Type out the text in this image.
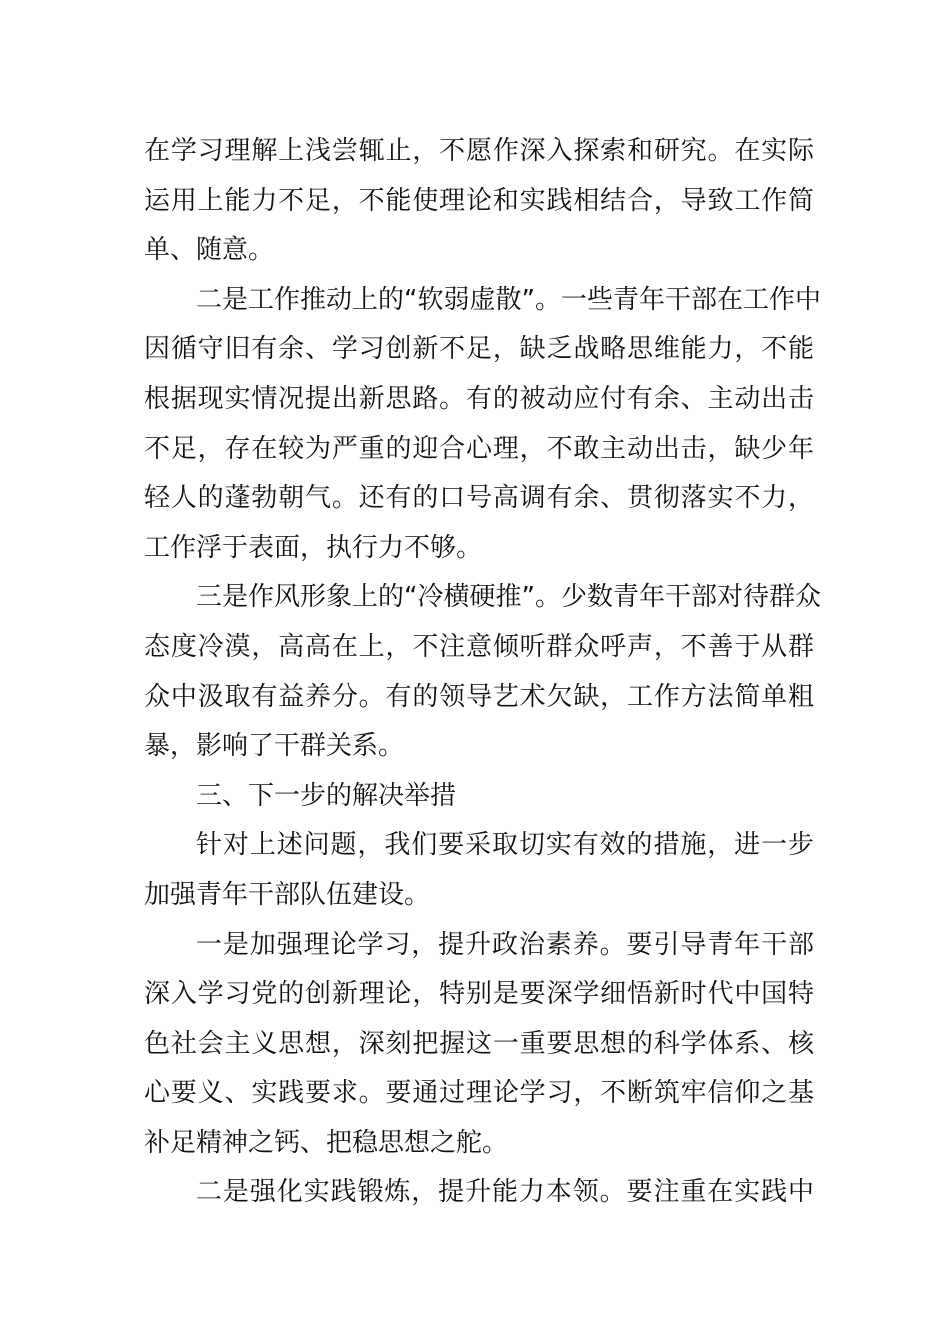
在学习理解上浅尝辄止，不愿作深入探索和研究。在实际
运用上能力不足，不能使理论和实践相结合，导致工作简
单、随意。
二是工作推动上的“软弱虚散”。一些青年干部在工作中
因循守旧有余、学习创新不足，缺乏战略思维能力，不能
根据现实情况提出新思路。有的被动应付有余、主动出击
不足，存在较为严重的迎合心理，不敢主动出击，缺少年
轻人的蓬勃朝气。还有的口号高调有余、贯彻落实不力，
工作浮于表面，执行力不够。
三是作风形象上的“冷横硬推”。少数青年干部对待群众
态度冷漠，高高在上，不注意倾听群众呼声，不善于从群
众中汲取有益养分。有的领导艺术欠缺，工作方法简单粗
暴，影响了干群关系。
三、下一步的解决举措
针对上述问题，我们要采取切实有效的措施，进一步
加强青年干部队伍建设。
一是加强理论学习，提升政治素养。要引导青年干部
深入学习党的创新理论，特别是要深学细悟新时代中国特
色社会主义思想，深刻把握这一重要思想的科学体系、核
心要义、实践要求。要通过理论学习，不断筑牢信仰之基
补足精神之钙、把稳思想之舵。
二是强化实践锻炼，提升能力本领。要注重在实践中
